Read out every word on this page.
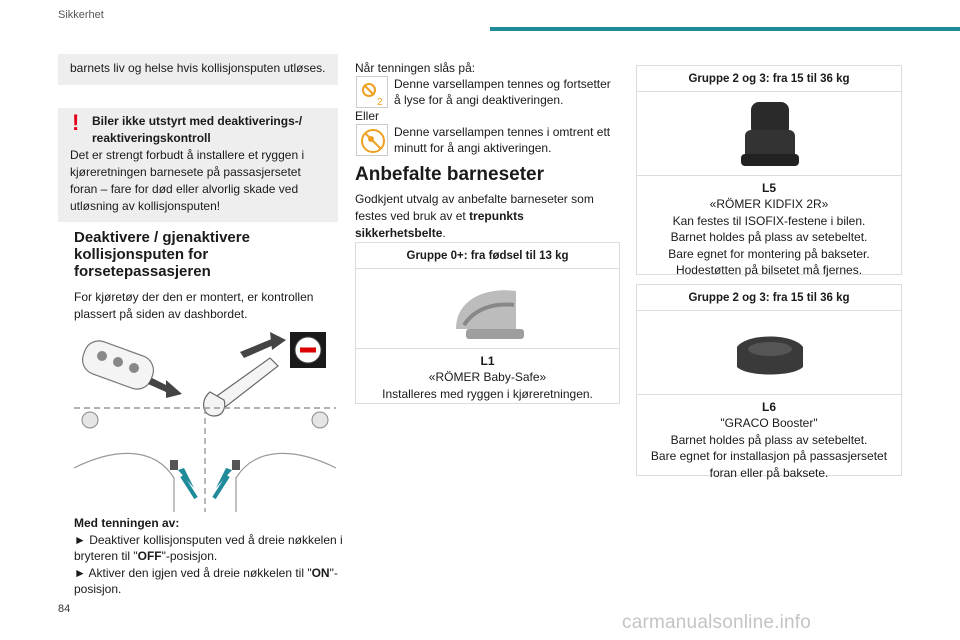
Sikkerhet
84
carmanualsonline.info
barnets liv og helse hvis kollisjonsputen utløses.
!	Biler ikke utstyrt med deaktiverings-/ reaktiveringskontroll
Det er strengt forbudt å installere et ryggen i kjøreretningen barnesete på passasjersetet foran – fare for død eller alvorlig skade ved utløsning av kollisjonsputen!
Deaktivere / gjenaktivere kollisjonsputen for forsetepassasjeren
For kjøretøy der den er montert, er kontrollen plassert på siden av dashbordet.
Med tenningen av:
► Deaktiver kollisjonsputen ved å dreie nøkkelen i bryteren til "OFF"-posisjon.
► Aktiver den igjen ved å dreie nøkkelen til "ON"-posisjon.
Når tenningen slås på:
2
Denne varsellampen tennes og fortsetter å lyse for å angi deaktiveringen.
Eller
Denne varsellampen tennes i omtrent ett minutt for å angi aktiveringen.
Anbefalte barneseter
Godkjent utvalg av anbefalte barneseter som festes ved bruk av et trepunkts sikkerhetsbelte.
Gruppe 0+: fra fødsel til 13 kg
L1
«RÖMER Baby-Safe»
Installeres med ryggen i kjøreretningen.
Gruppe 2 og 3: fra 15 til 36 kg
L5
«RÖMER KIDFIX 2R»
Kan festes til ISOFIX-festene i bilen.
Barnet holdes på plass av setebeltet.
Bare egnet for montering på bakseter.
Hodestøtten på bilsetet må fjernes.
Gruppe 2 og 3: fra 15 til 36 kg
L6
"GRACO Booster"
Barnet holdes på plass av setebeltet.
Bare egnet for installasjon på passasjersetet foran eller på baksete.
